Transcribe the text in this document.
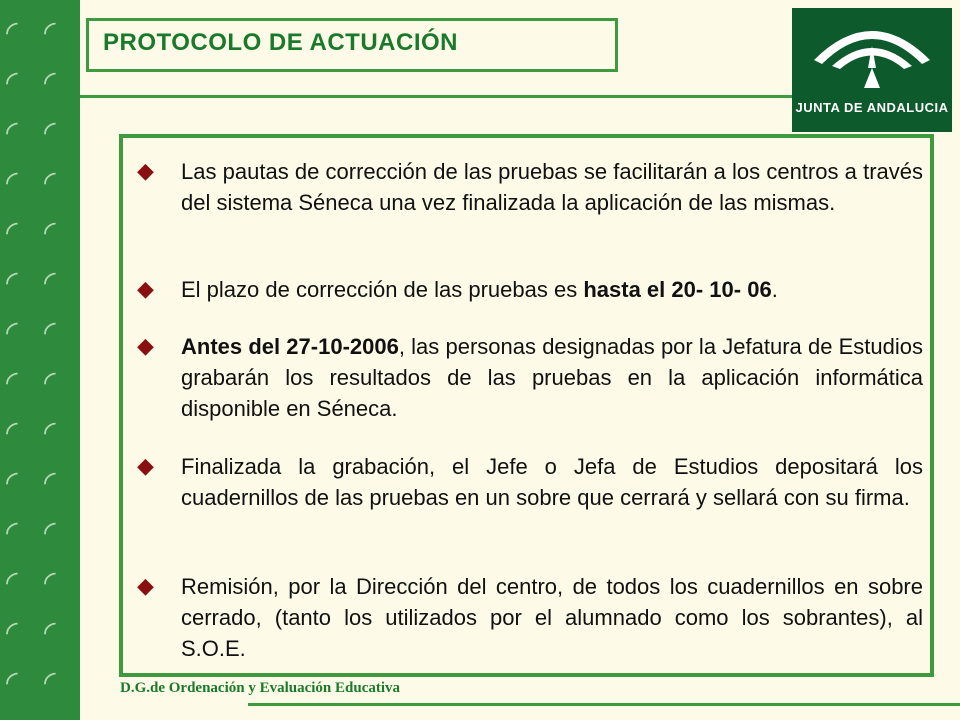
◜ ◜
◜ ◜
◜ ◜
◜ ◜
◜ ◜
◜ ◜
◜ ◜
◜ ◜
◜ ◜
◜ ◜
◜ ◜
◜ ◜
◜ ◜
◜ ◜
PROTOCOLO DE ACTUACIÓN
JUNTA DE ANDALUCIA
◆ Las pautas de corrección de las pruebas se facilitarán a los centros a través del sistema Séneca una vez finalizada la aplicación de las mismas.
◆ El plazo de corrección de las pruebas es hasta el 20- 10- 06.
◆ Antes del 27-10-2006, las personas designadas por la Jefatura de Estudios grabarán los resultados de las pruebas en la aplicación informática disponible en Séneca.
◆ Finalizada la grabación, el Jefe o Jefa de Estudios depositará los cuadernillos de las pruebas en un sobre que cerrará y sellará con su firma.
◆ Remisión, por la Dirección del centro, de todos los cuadernillos en sobre cerrado, (tanto los utilizados por el alumnado como los sobrantes), al S.O.E.
D.G.de Ordenación y Evaluación Educativa
